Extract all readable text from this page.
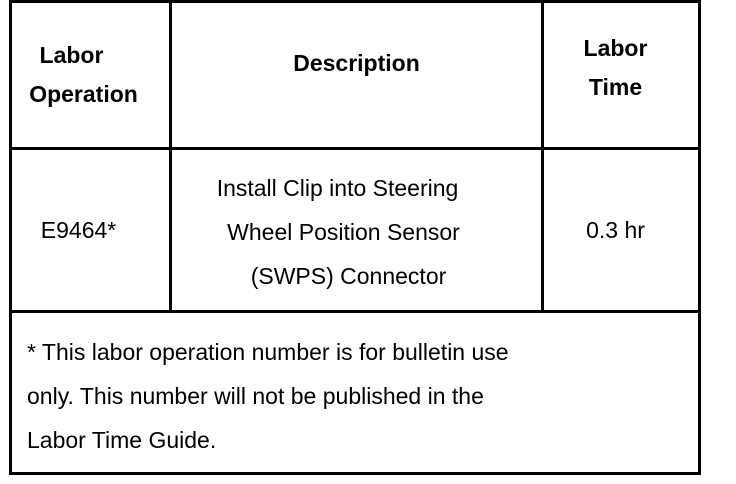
Labor
Operation
Description
Labor
Time
E9464*
Install Clip into Steering
Wheel Position Sensor
(SWPS) Connector
0.3 hr
* This labor operation number is for bulletin use
only. This number will not be published in the
Labor Time Guide.
